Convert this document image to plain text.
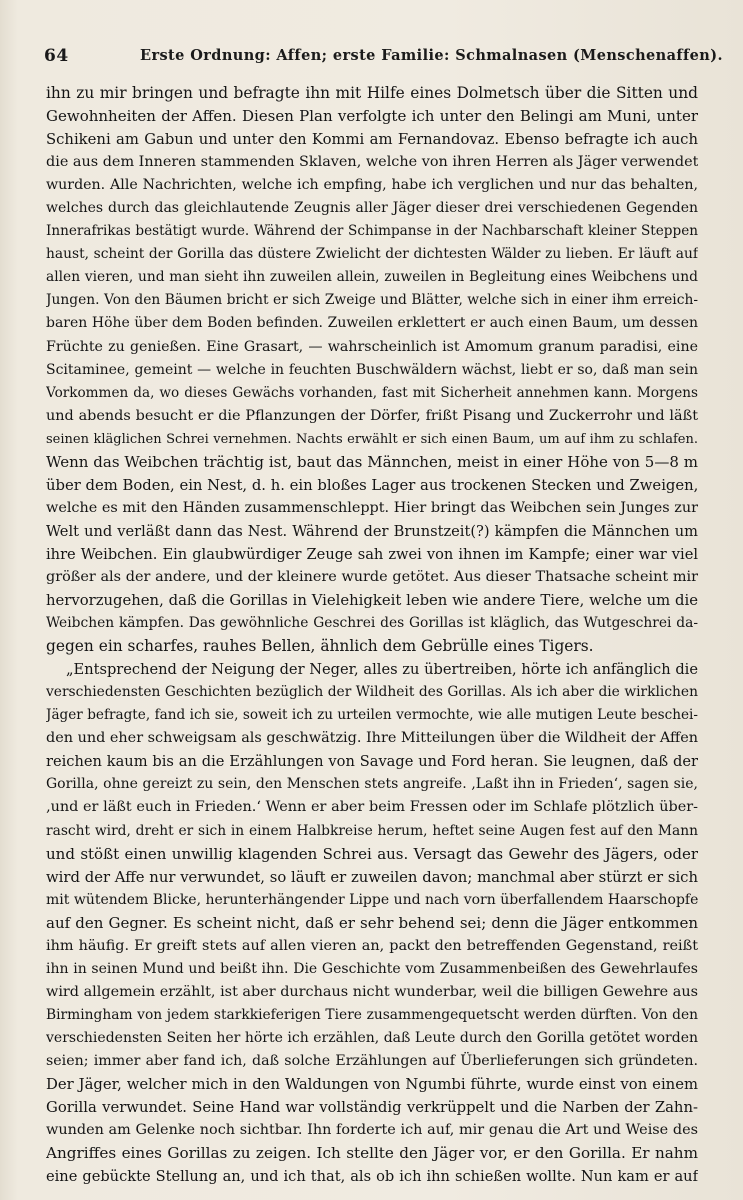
64	Erste Ordnung: Affen; erste Familie: Schmalnasen (Menschenaffen).
ihn zu mir bringen und befragte ihn mit Hilfe eines Dolmetsch über die Sitten und
Gewohnheiten der Affen. Diesen Plan verfolgte ich unter den Belingi am Muni, unter
Schikeni am Gabun und unter den Kommi am Fernandovaz. Ebenso befragte ich auch
die aus dem Inneren stammenden Sklaven, welche von ihren Herren als Jäger verwendet
wurden. Alle Nachrichten, welche ich empfing, habe ich verglichen und nur das behalten,
welches durch das gleichlautende Zeugnis aller Jäger dieser drei verschiedenen Gegenden
Innerafrikas bestätigt wurde. Während der Schimpanse in der Nachbarschaft kleiner Steppen
haust, scheint der Gorilla das düstere Zwielicht der dichtesten Wälder zu lieben. Er läuft auf
allen vieren, und man sieht ihn zuweilen allein, zuweilen in Begleitung eines Weibchens und
Jungen. Von den Bäumen bricht er sich Zweige und Blätter, welche sich in einer ihm erreich-
baren Höhe über dem Boden befinden. Zuweilen erklettert er auch einen Baum, um dessen
Früchte zu genießen. Eine Grasart, — wahrscheinlich ist Amomum granum paradisi, eine
Scitaminee, gemeint — welche in feuchten Buschwäldern wächst, liebt er so, daß man sein
Vorkommen da, wo dieses Gewächs vorhanden, fast mit Sicherheit annehmen kann. Morgens
und abends besucht er die Pflanzungen der Dörfer, frißt Pisang und Zuckerrohr und läßt
seinen kläglichen Schrei vernehmen. Nachts erwählt er sich einen Baum, um auf ihm zu schlafen.
Wenn das Weibchen trächtig ist, baut das Männchen, meist in einer Höhe von 5—8 m
über dem Boden, ein Nest, d. h. ein bloßes Lager aus trockenen Stecken und Zweigen,
welche es mit den Händen zusammenschleppt. Hier bringt das Weibchen sein Junges zur
Welt und verläßt dann das Nest. Während der Brunstzeit(?) kämpfen die Männchen um
ihre Weibchen. Ein glaubwürdiger Zeuge sah zwei von ihnen im Kampfe; einer war viel
größer als der andere, und der kleinere wurde getötet. Aus dieser Thatsache scheint mir
hervorzugehen, daß die Gorillas in Vielehigkeit leben wie andere Tiere, welche um die
Weibchen kämpfen. Das gewöhnliche Geschrei des Gorillas ist kläglich, das Wutgeschrei da-
gegen ein scharfes, rauhes Bellen, ähnlich dem Gebrülle eines Tigers.
„Entsprechend der Neigung der Neger, alles zu übertreiben, hörte ich anfänglich die
verschiedensten Geschichten bezüglich der Wildheit des Gorillas. Als ich aber die wirklichen
Jäger befragte, fand ich sie, soweit ich zu urteilen vermochte, wie alle mutigen Leute beschei-
den und eher schweigsam als geschwätzig. Ihre Mitteilungen über die Wildheit der Affen
reichen kaum bis an die Erzählungen von Savage und Ford heran. Sie leugnen, daß der
Gorilla, ohne gereizt zu sein, den Menschen stets angreife. ‚Laßt ihn in Frieden‘, sagen sie,
‚und er läßt euch in Frieden.‘ Wenn er aber beim Fressen oder im Schlafe plötzlich über-
rascht wird, dreht er sich in einem Halbkreise herum, heftet seine Augen fest auf den Mann
und stößt einen unwillig klagenden Schrei aus. Versagt das Gewehr des Jägers, oder
wird der Affe nur verwundet, so läuft er zuweilen davon; manchmal aber stürzt er sich
mit wütendem Blicke, herunterhängender Lippe und nach vorn überfallendem Haarschopfe
auf den Gegner. Es scheint nicht, daß er sehr behend sei; denn die Jäger entkommen
ihm häufig. Er greift stets auf allen vieren an, packt den betreffenden Gegenstand, reißt
ihn in seinen Mund und beißt ihn. Die Geschichte vom Zusammenbeißen des Gewehrlaufes
wird allgemein erzählt, ist aber durchaus nicht wunderbar, weil die billigen Gewehre aus
Birmingham von jedem starkkieferigen Tiere zusammengequetscht werden dürften. Von den
verschiedensten Seiten her hörte ich erzählen, daß Leute durch den Gorilla getötet worden
seien; immer aber fand ich, daß solche Erzählungen auf Überlieferungen sich gründeten.
Der Jäger, welcher mich in den Waldungen von Ngumbi führte, wurde einst von einem
Gorilla verwundet. Seine Hand war vollständig verkrüppelt und die Narben der Zahn-
wunden am Gelenke noch sichtbar. Ihn forderte ich auf, mir genau die Art und Weise des
Angriffes eines Gorillas zu zeigen. Ich stellte den Jäger vor, er den Gorilla. Er nahm
eine gebückte Stellung an, und ich that, als ob ich ihn schießen wollte. Nun kam er auf
